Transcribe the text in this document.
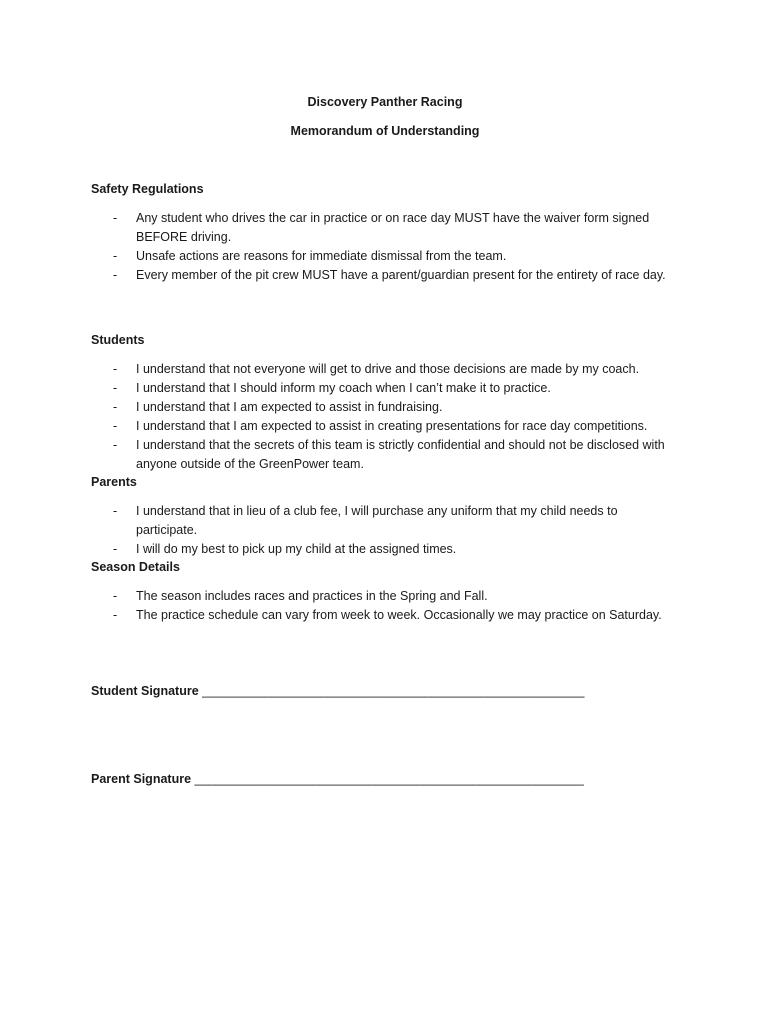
Discovery Panther Racing
Memorandum of Understanding
Safety Regulations
- Any student who drives the car in practice or on race day MUST have the waiver form signed BEFORE driving.
- Unsafe actions are reasons for immediate dismissal from the team.
- Every member of the pit crew MUST have a parent/guardian present for the entirety of race day.
Students
- I understand that not everyone will get to drive and those decisions are made by my coach.
- I understand that I should inform my coach when I can’t make it to practice.
- I understand that I am expected to assist in fundraising.
- I understand that I am expected to assist in creating presentations for race day competitions.
- I understand that the secrets of this team is strictly confidential and should not be disclosed with anyone outside of the GreenPower team.
Parents
- I understand that in lieu of a club fee, I will purchase any uniform that my child needs to participate.
- I will do my best to pick up my child at the assigned times.
Season Details
- The season includes races and practices in the Spring and Fall.
- The practice schedule can vary from week to week. Occasionally we may practice on Saturday.
Student Signature _______________________________________________________
Parent Signature ________________________________________________________
